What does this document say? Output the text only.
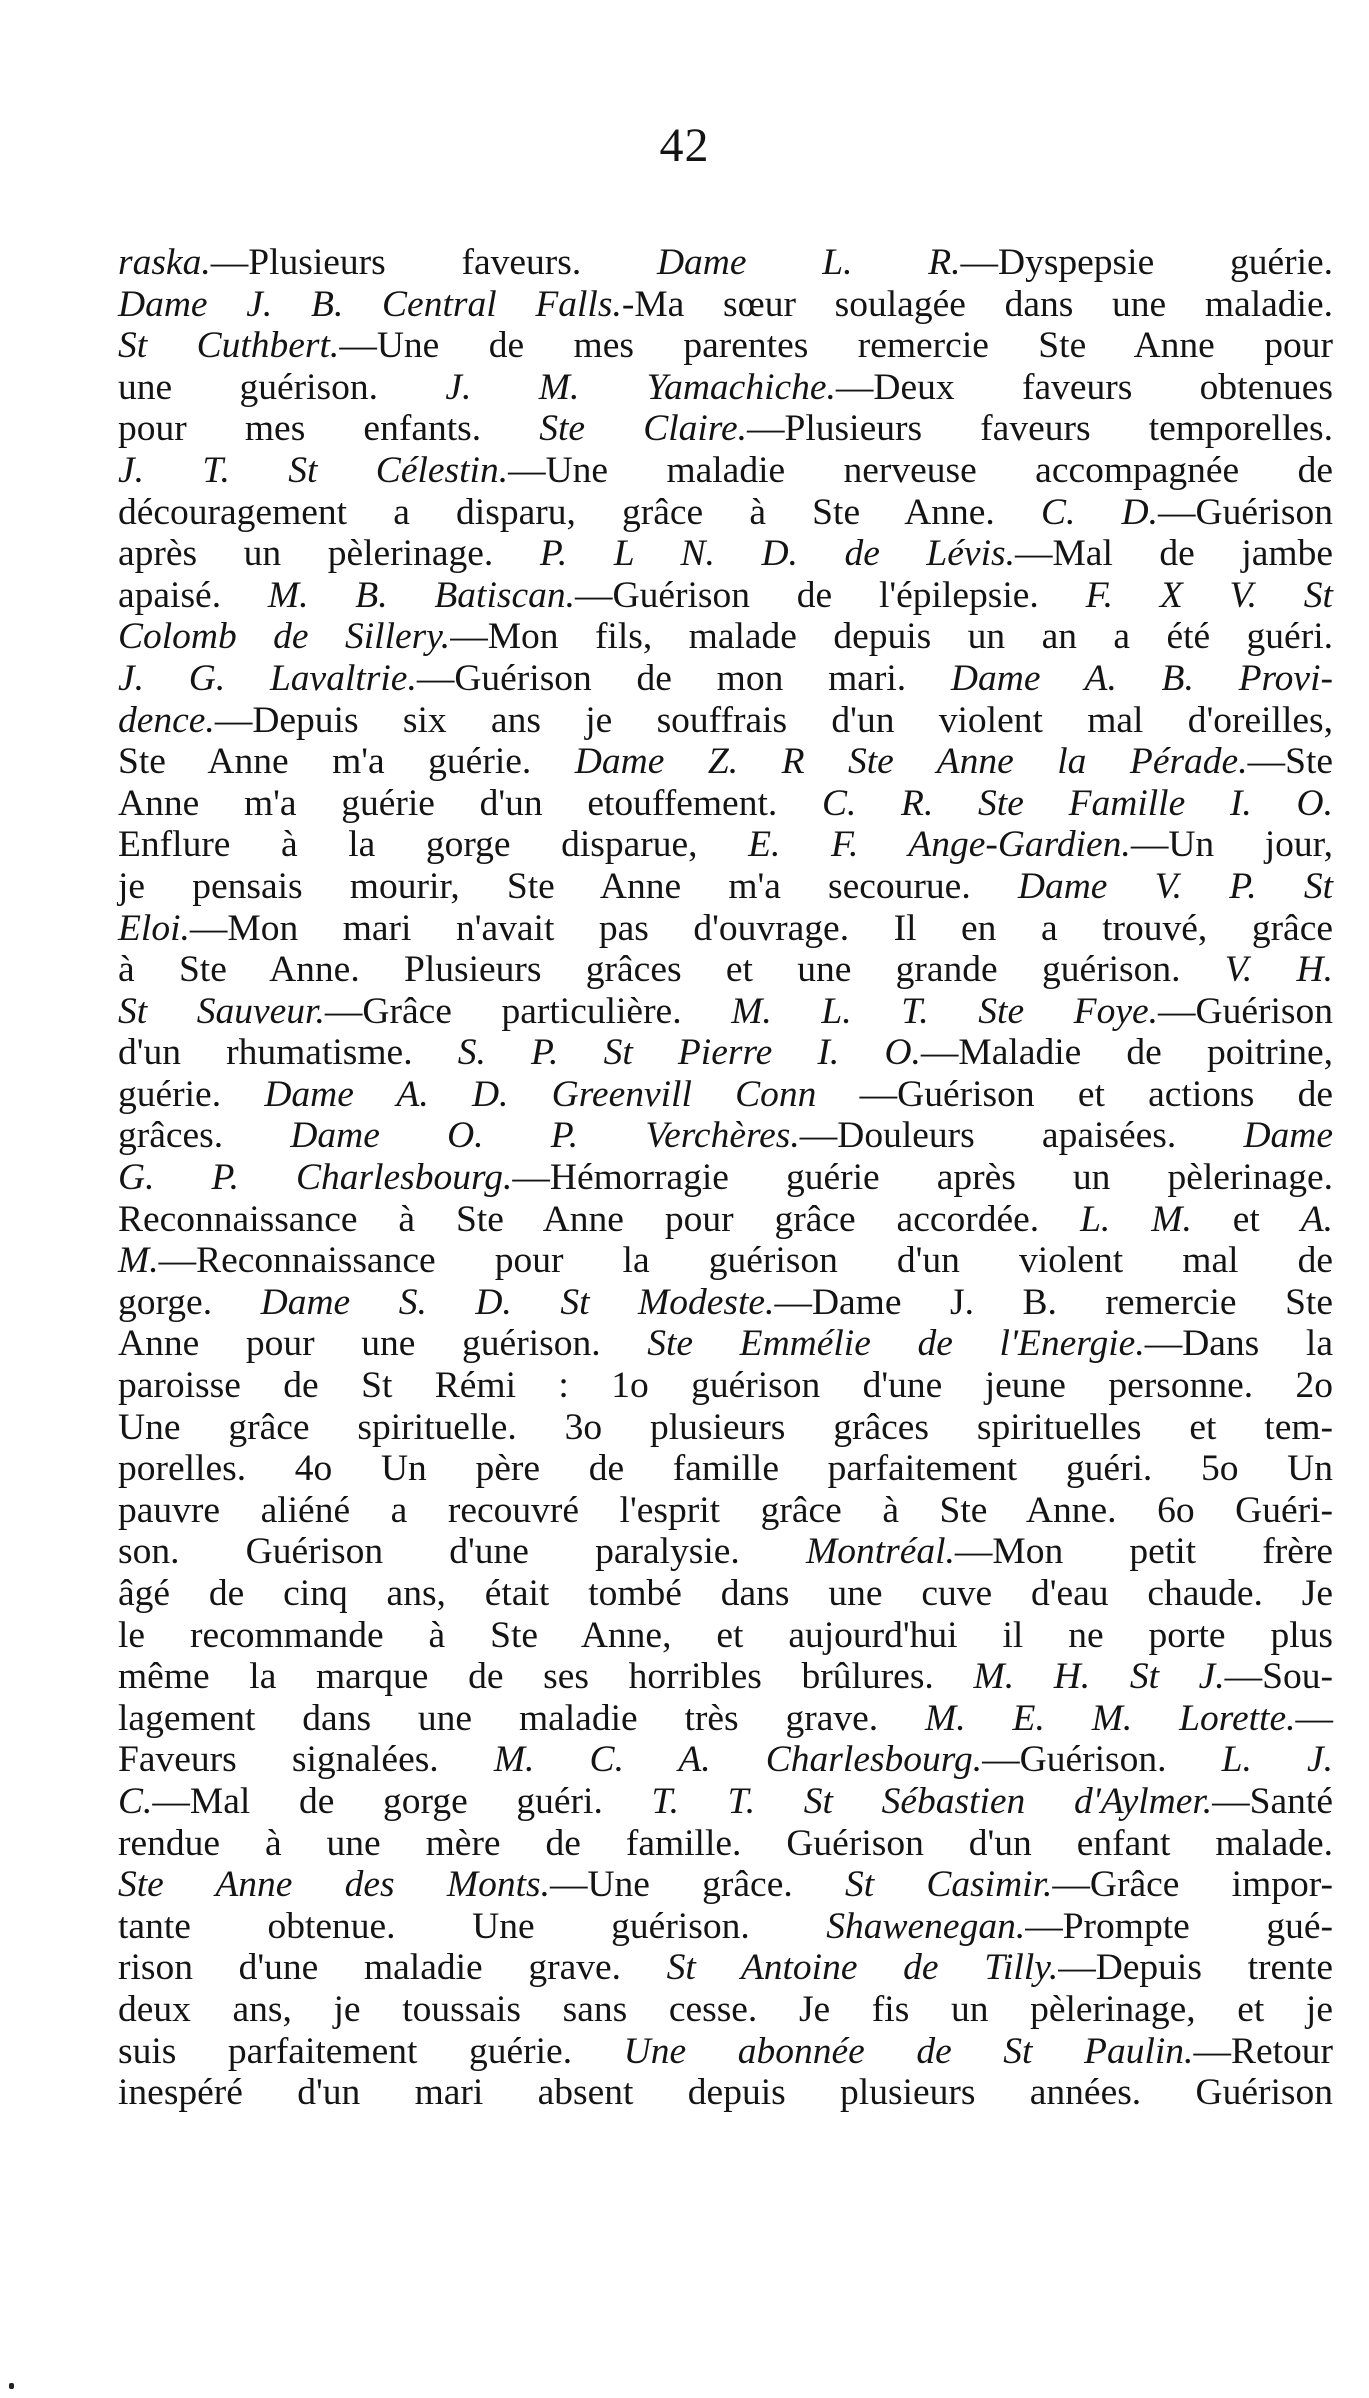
42
raska.—Plusieurs faveurs. Dame L. R.—Dyspepsie guérie.
Dame J. B. Central Falls.-Ma sœur soulagée dans une maladie.
St Cuthbert.—Une de mes parentes remercie Ste Anne pour
une guérison. J. M. Yamachiche.—Deux faveurs obtenues
pour mes enfants. Ste Claire.—Plusieurs faveurs temporelles.
J. T. St Célestin.—Une maladie nerveuse accompagnée de
découragement a disparu, grâce à Ste Anne. C. D.—Guérison
après un pèlerinage. P. L N. D. de Lévis.—Mal de jambe
apaisé. M. B. Batiscan.—Guérison de l'épilepsie. F. X V. St
Colomb de Sillery.—Mon fils, malade depuis un an a été guéri.
J. G. Lavaltrie.—Guérison de mon mari. Dame A. B. Provi-
dence.—Depuis six ans je souffrais d'un violent mal d'oreilles,
Ste Anne m'a guérie. Dame Z. R Ste Anne la Pérade.—Ste
Anne m'a guérie d'un etouffement. C. R. Ste Famille I. O.
Enflure à la gorge disparue, E. F. Ange-Gardien.—Un jour,
je pensais mourir, Ste Anne m'a secourue. Dame V. P. St
Eloi.—Mon mari n'avait pas d'ouvrage. Il en a trouvé, grâce
à Ste Anne. Plusieurs grâces et une grande guérison. V. H.
St Sauveur.—Grâce particulière. M. L. T. Ste Foye.—Guérison
d'un rhumatisme. S. P. St Pierre I. O.—Maladie de poitrine,
guérie. Dame A. D. Greenvill Conn —Guérison et actions de
grâces. Dame O. P. Verchères.—Douleurs apaisées. Dame
G. P. Charlesbourg.—Hémorragie guérie après un pèlerinage.
Reconnaissance à Ste Anne pour grâce accordée. L. M. et A.
M.—Reconnaissance pour la guérison d'un violent mal de
gorge. Dame S. D. St Modeste.—Dame J. B. remercie Ste
Anne pour une guérison. Ste Emmélie de l'Energie.—Dans la
paroisse de St Rémi : 1o guérison d'une jeune personne. 2o
Une grâce spirituelle. 3o plusieurs grâces spirituelles et tem-
porelles. 4o Un père de famille parfaitement guéri. 5o Un
pauvre aliéné a recouvré l'esprit grâce à Ste Anne. 6o Guéri-
son. Guérison d'une paralysie. Montréal.—Mon petit frère
âgé de cinq ans, était tombé dans une cuve d'eau chaude. Je
le recommande à Ste Anne, et aujourd'hui il ne porte plus
même la marque de ses horribles brûlures. M. H. St J.—Sou-
lagement dans une maladie très grave. M. E. M. Lorette.—
Faveurs signalées. M. C. A. Charlesbourg.—Guérison. L. J.
C.—Mal de gorge guéri. T. T. St Sébastien d'Aylmer.—Santé
rendue à une mère de famille. Guérison d'un enfant malade.
Ste Anne des Monts.—Une grâce. St Casimir.—Grâce impor-
tante obtenue. Une guérison. Shawenegan.—Prompte gué-
rison d'une maladie grave. St Antoine de Tilly.—Depuis trente
deux ans, je toussais sans cesse. Je fis un pèlerinage, et je
suis parfaitement guérie. Une abonnée de St Paulin.—Retour
inespéré d'un mari absent depuis plusieurs années. Guérison
